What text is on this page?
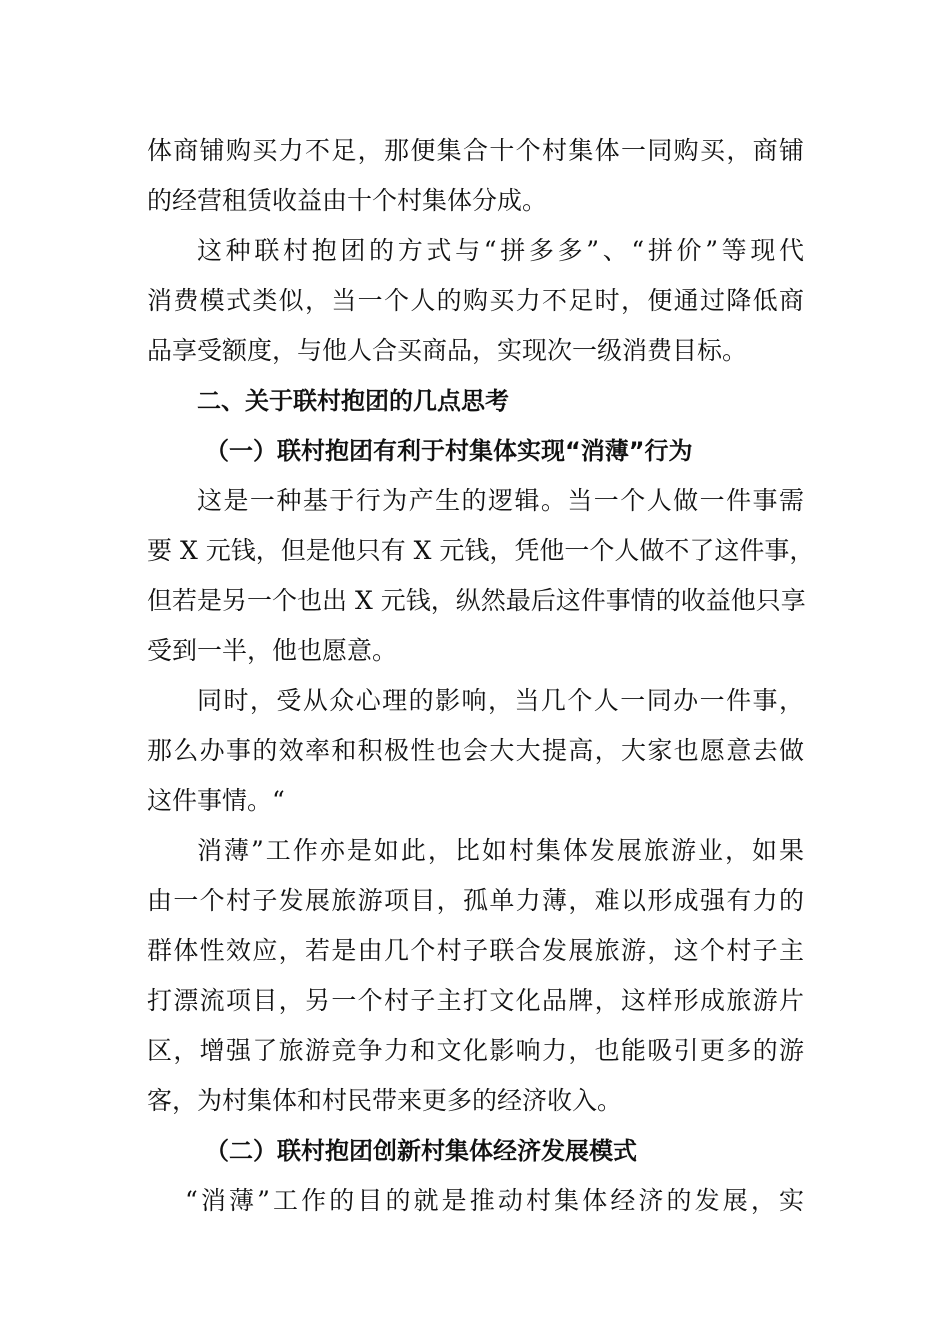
体商铺购买力不足，那便集合十个村集体一同购买，商铺
的经营租赁收益由十个村集体分成。
这种联村抱团的方式与“拼多多”、“拼价”等现代
消费模式类似，当一个人的购买力不足时，便通过降低商
品享受额度，与他人合买商品，实现次一级消费目标。
二、关于联村抱团的几点思考
（一）联村抱团有利于村集体实现“消薄”行为
这是一种基于行为产生的逻辑。当一个人做一件事需
要 X 元钱，但是他只有 X 元钱，凭他一个人做不了这件事，
但若是另一个也出 X 元钱，纵然最后这件事情的收益他只享
受到一半，他也愿意。
同时，受从众心理的影响，当几个人一同办一件事，
那么办事的效率和积极性也会大大提高，大家也愿意去做
这件事情。“
消薄”工作亦是如此，比如村集体发展旅游业，如果
由一个村子发展旅游项目，孤单力薄，难以形成强有力的
群体性效应，若是由几个村子联合发展旅游，这个村子主
打漂流项目，另一个村子主打文化品牌，这样形成旅游片
区，增强了旅游竞争力和文化影响力，也能吸引更多的游
客，为村集体和村民带来更多的经济收入。
（二）联村抱团创新村集体经济发展模式
“消薄”工作的目的就是推动村集体经济的发展，实
